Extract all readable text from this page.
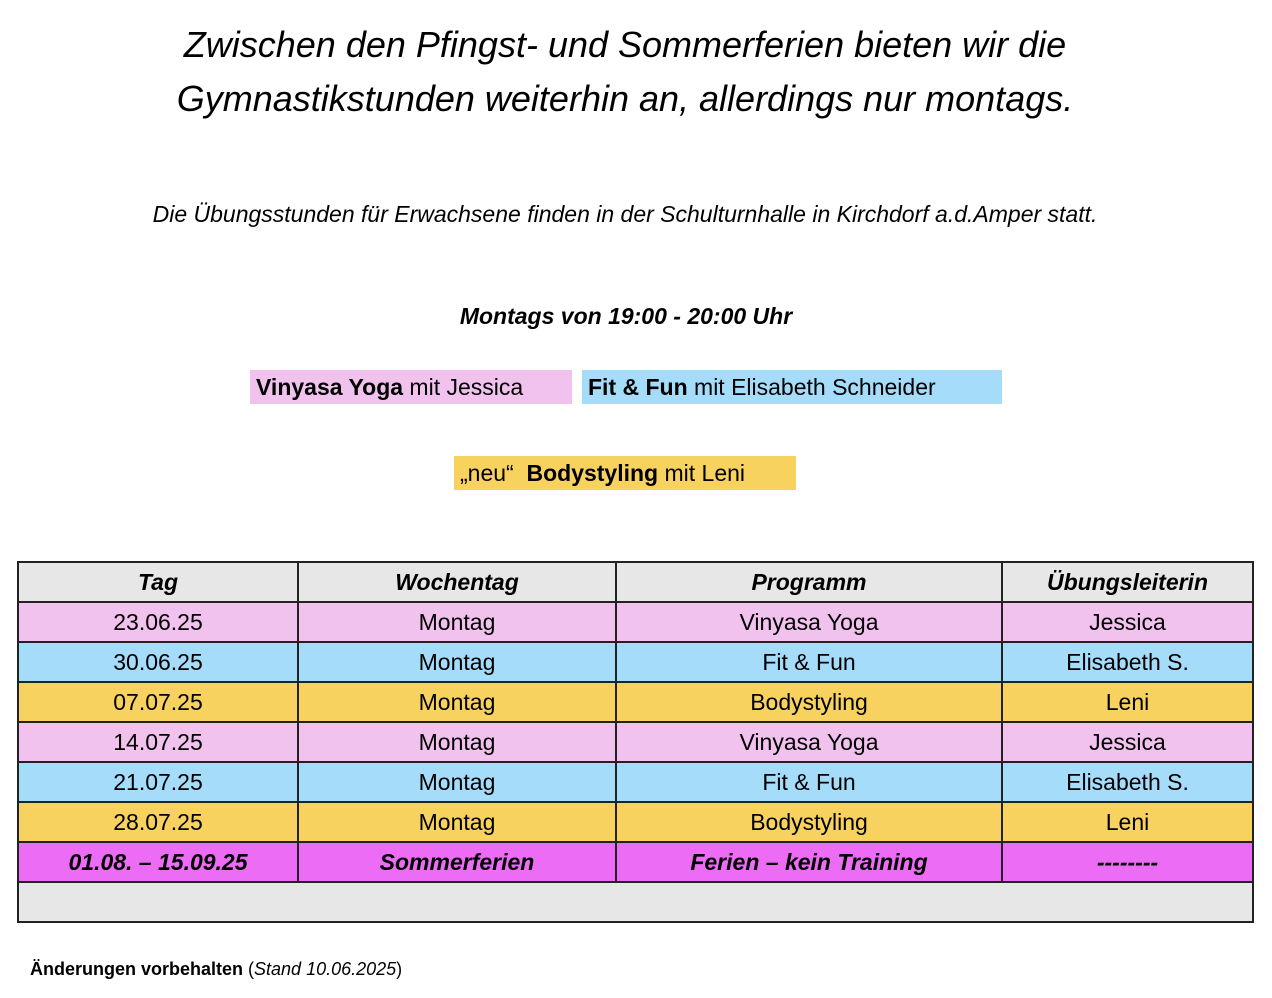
Zwischen den Pfingst- und Sommerferien bieten wir die
Gymnastikstunden weiterhin an, allerdings nur montags.
Die Übungsstunden für Erwachsene finden in der Schulturnhalle in Kirchdorf a.d.Amper statt.
Montags von 19:00 - 20:00 Uhr
Vinyasa Yoga mit Jessica	Fit & Fun mit Elisabeth Schneider
„neu“  Bodystyling mit Leni
Tag	Wochentag	Programm	Übungsleiterin
23.06.25	Montag	Vinyasa Yoga	Jessica
30.06.25	Montag	Fit & Fun	Elisabeth S.
07.07.25	Montag	Bodystyling	Leni
14.07.25	Montag	Vinyasa Yoga	Jessica
21.07.25	Montag	Fit & Fun	Elisabeth S.
28.07.25	Montag	Bodystyling	Leni
01.08. – 15.09.25	Sommerferien	Ferien – kein Training	--------

Änderungen vorbehalten (Stand 10.06.2025)
